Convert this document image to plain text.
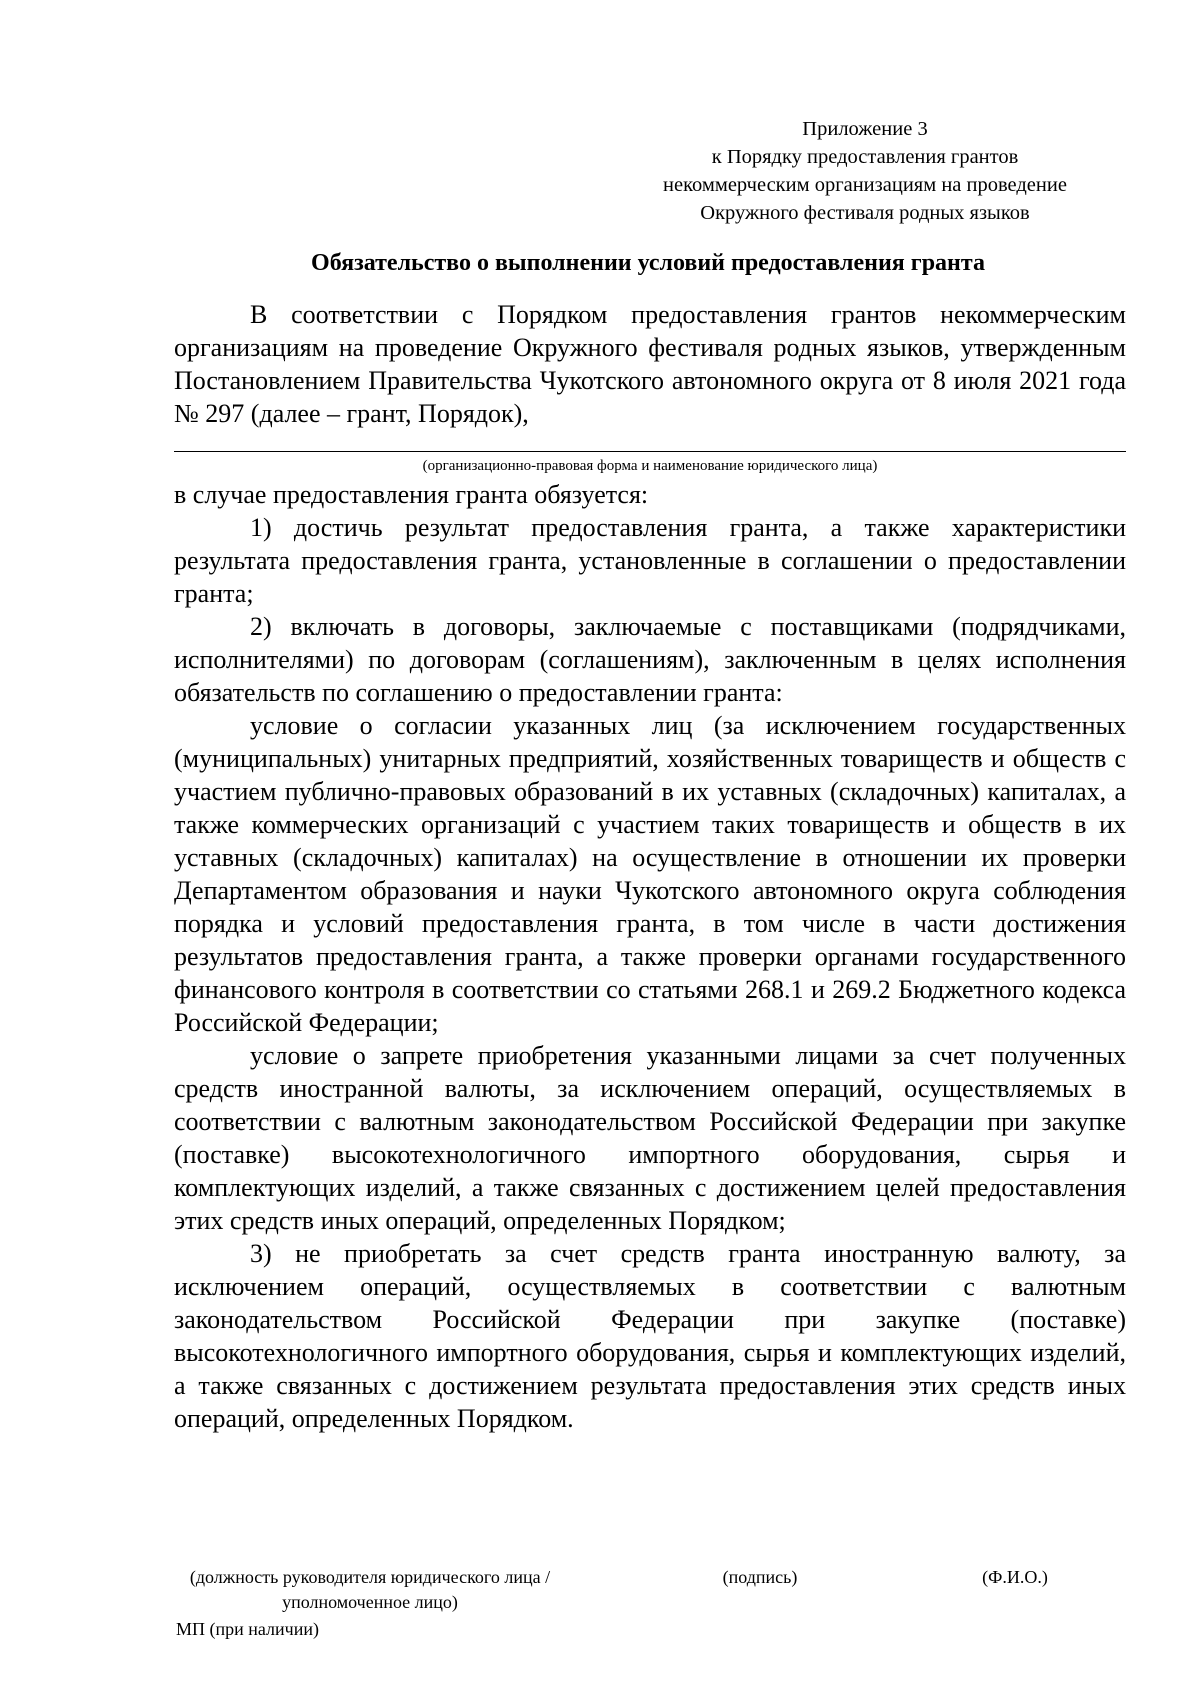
Приложение 3
к Порядку предоставления грантов
некоммерческим организациям на проведение
Окружного фестиваля родных языков
Обязательство о выполнении условий предоставления гранта

В соответствии с Порядком предоставления грантов некоммерческим организациям на проведение Окружного фестиваля родных языков, утвержденным Постановлением Правительства Чукотского автономного округа от 8 июля 2021 года № 297 (далее – грант, Порядок),

(организационно-правовая форма и наименование юридического лица)

в случае предоставления гранта обязуется:

1) достичь результат предоставления гранта, а также характеристики результата предоставления гранта, установленные в соглашении о предоставлении гранта;

2) включать в договоры, заключаемые с поставщиками (подрядчиками, исполнителями) по договорам (соглашениям), заключенным в целях исполнения обязательств по соглашению о предоставлении гранта:

условие о согласии указанных лиц (за исключением государственных (муниципальных) унитарных предприятий, хозяйственных товариществ и обществ с участием публично-правовых образований в их уставных (складочных) капиталах, а также коммерческих организаций с участием таких товариществ и обществ в их уставных (складочных) капиталах) на осуществление в отношении их проверки Департаментом образования и науки Чукотского автономного округа соблюдения порядка и условий предоставления гранта, в том числе в части достижения результатов предоставления гранта, а также проверки органами государственного финансового контроля в соответствии со статьями 268.1 и 269.2 Бюджетного кодекса Российской Федерации;

условие о запрете приобретения указанными лицами за счет полученных средств иностранной валюты, за исключением операций, осуществляемых в соответствии с валютным законодательством Российской Федерации при закупке (поставке) высокотехнологичного импортного оборудования, сырья и комплектующих изделий, а также связанных с достижением целей предоставления этих средств иных операций, определенных Порядком;

3) не приобретать за счет средств гранта иностранную валюту, за исключением операций, осуществляемых в соответствии с валютным законодательством Российской Федерации при закупке (поставке) высокотехнологичного импортного оборудования, сырья и комплектующих изделий, а также связанных с достижением результата предоставления этих средств иных операций, определенных Порядком.

(должность руководителя юридического лица /
уполномоченное лицо)
(подпись)	(Ф.И.О.)
МП (при наличии)
